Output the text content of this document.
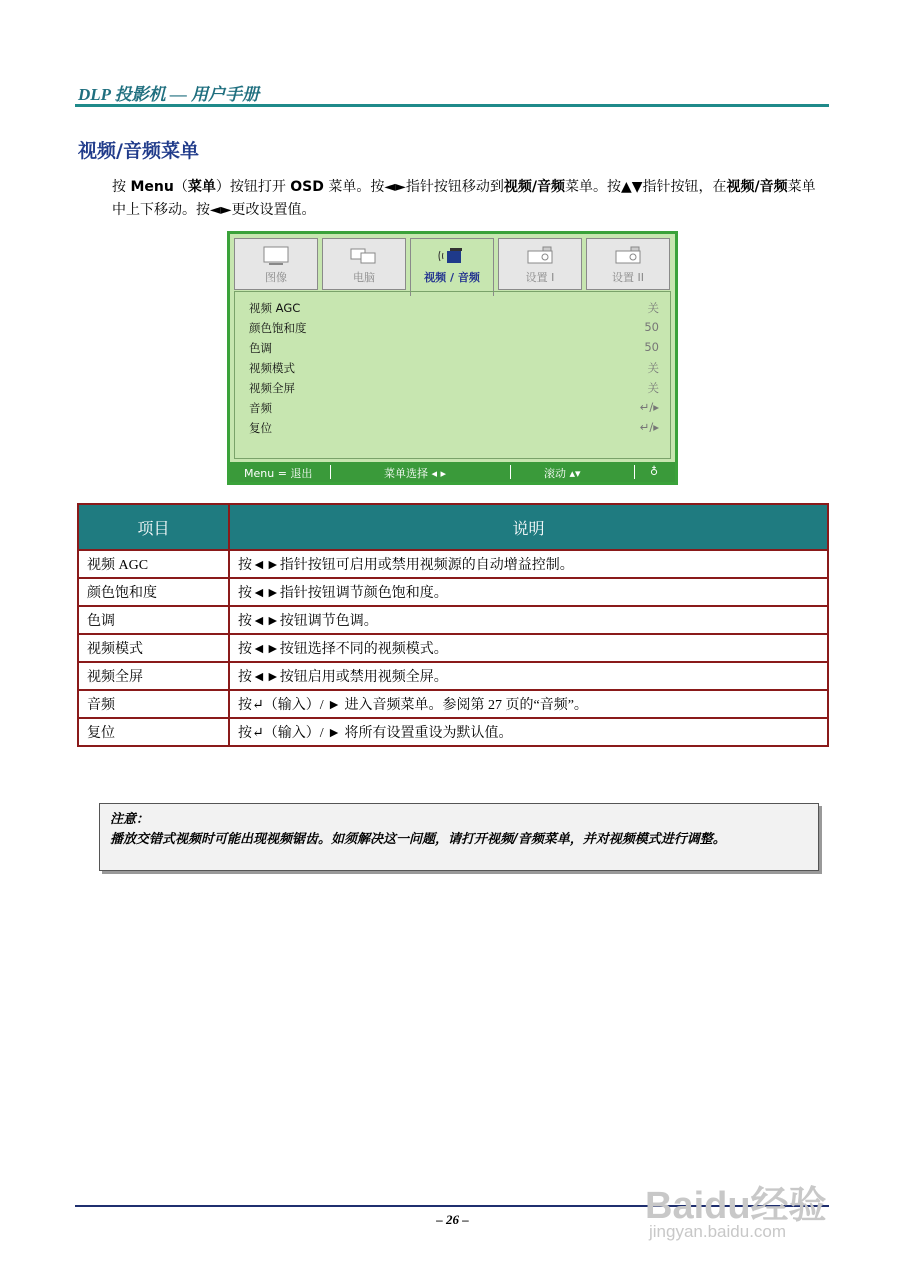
DLP 投影机 — 用户手册
视频/音频菜单
按 Menu（菜单）按钮打开 OSD 菜单。按◄►指针按钮移动到视频/音频菜单。按▲▼指针按钮，在视频/音频菜单中上下移动。按◄►更改设置值。
图像	电脑	视频 / 音频	设置 I	设置 II
视频 AGC	关
颜色饱和度	50
色调	50
视频模式	关
视频全屏	关
音频	↵/▸
复位	↵/▸
Menu = 退出	菜单选择 ◂ ▸	滚动 ▴▾	♁
项目	说明
视频 AGC	按◄►指针按钮可启用或禁用视频源的自动增益控制。
颜色饱和度	按◄►指针按钮调节颜色饱和度。
色调	按◄►按钮调节色调。
视频模式	按◄►按钮选择不同的视频模式。
视频全屏	按◄►按钮启用或禁用视频全屏。
音频	按↵（输入）/ ► 进入音频菜单。参阅第 27 页的“音频”。
复位	按↵（输入）/ ► 将所有设置重设为默认值。
注意：
播放交错式视频时可能出现视频锯齿。如须解决这一问题，请打开视频/音频菜单，并对视频模式进行调整。
– 26 –	Baidu经验
jingyan.baidu.com
